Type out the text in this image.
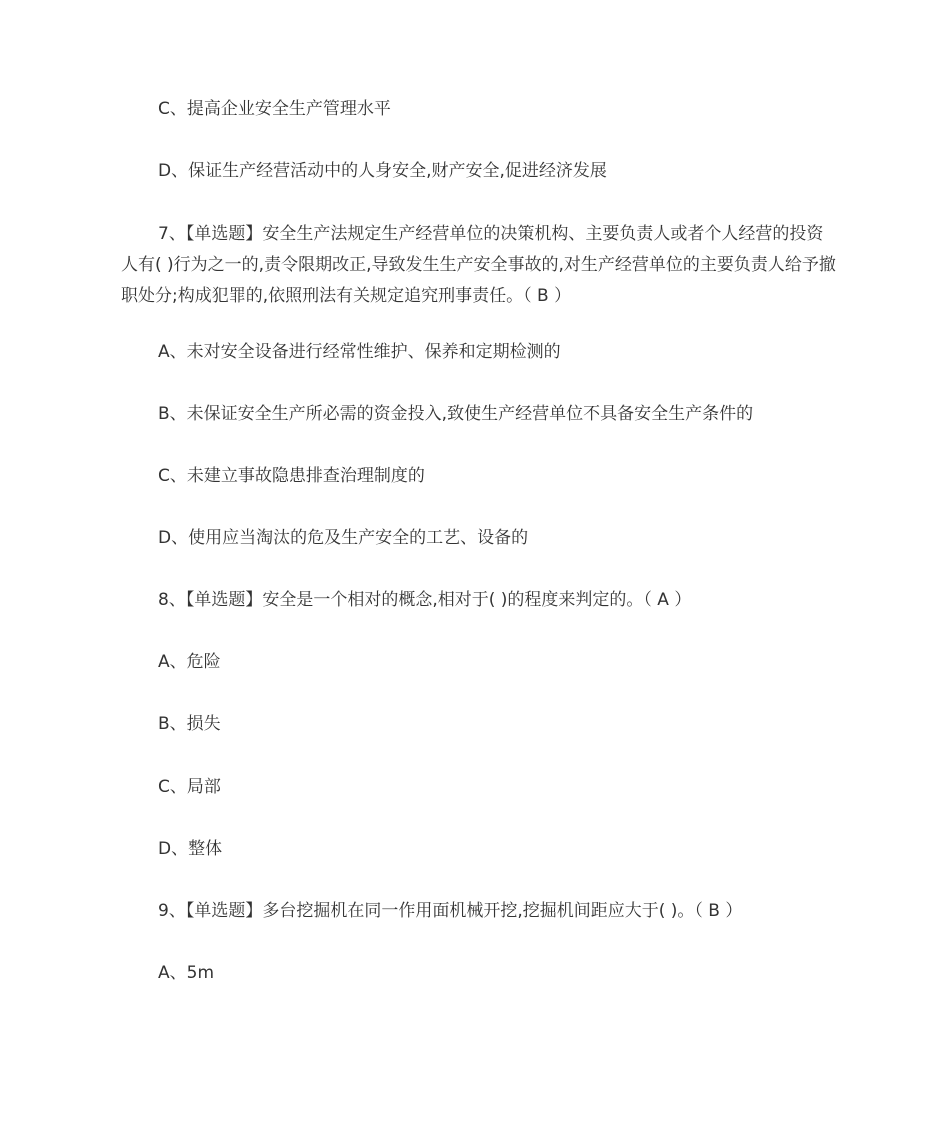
C、提高企业安全生产管理水平
D、保证生产经营活动中的人身安全,财产安全,促进经济发展
7、【单选题】安全生产法规定生产经营单位的决策机构、主要负责人或者个人经营的投资人有( )行为之一的,责令限期改正,导致发生生产安全事故的,对生产经营单位的主要负责人给予撤职处分;构成犯罪的,依照刑法有关规定追究刑事责任。（ B ）
A、未对安全设备进行经常性维护、保养和定期检测的
B、未保证安全生产所必需的资金投入,致使生产经营单位不具备安全生产条件的
C、未建立事故隐患排查治理制度的
D、使用应当淘汰的危及生产安全的工艺、设备的
8、【单选题】安全是一个相对的概念,相对于( )的程度来判定的。（ A ）
A、危险
B、损失
C、局部
D、整体
9、【单选题】多台挖掘机在同一作用面机械开挖,挖掘机间距应大于( )。（ B ）
A、5m
